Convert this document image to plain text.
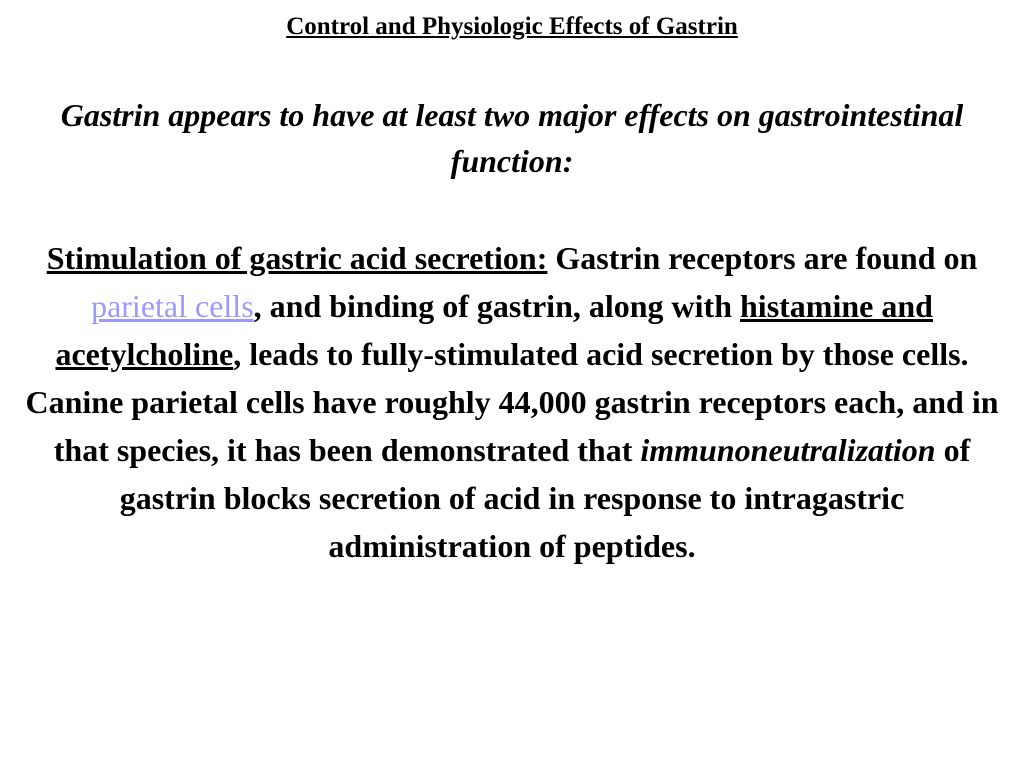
Control and Physiologic Effects of Gastrin
Gastrin appears to have at least two major effects on gastrointestinal function:
Stimulation of gastric acid secretion: Gastrin receptors are found on parietal cells, and binding of gastrin, along with histamine and acetylcholine, leads to fully-stimulated acid secretion by those cells.
Canine parietal cells have roughly 44,000 gastrin receptors each, and in that species, it has been demonstrated that immunoneutralization of gastrin blocks secretion of acid in response to intragastric administration of peptides.
